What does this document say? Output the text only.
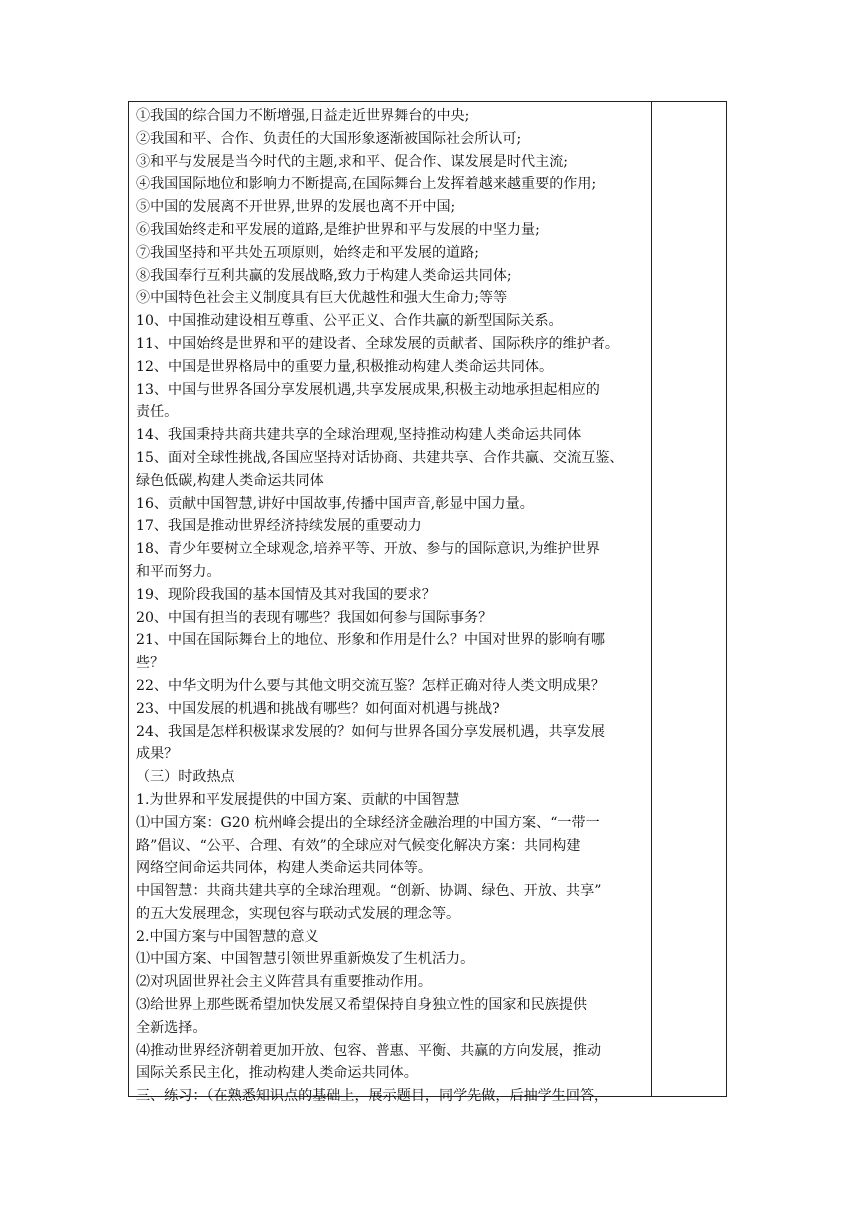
①我国的综合国力不断增强,日益走近世界舞台的中央;
②我国和平、合作、负责任的大国形象逐渐被国际社会所认可;
③和平与发展是当今时代的主题,求和平、促合作、谋发展是时代主流;
④我国国际地位和影响力不断提高,在国际舞台上发挥着越来越重要的作用;
⑤中国的发展离不开世界,世界的发展也离不开中国;
⑥我国始终走和平发展的道路,是维护世界和平与发展的中坚力量;
⑦我国坚持和平共处五项原则，始终走和平发展的道路;
⑧我国奉行互利共赢的发展战略,致力于构建人类命运共同体;
⑨中国特色社会主义制度具有巨大优越性和强大生命力;等等
10、中国推动建设相互尊重、公平正义、合作共赢的新型国际关系。
11、中国始终是世界和平的建设者、全球发展的贡献者、国际秩序的维护者。
12、中国是世界格局中的重要力量,积极推动构建人类命运共同体。
13、中国与世界各国分享发展机遇,共享发展成果,积极主动地承担起相应的
责任。
14、我国秉持共商共建共享的全球治理观,坚持推动构建人类命运共同体
15、面对全球性挑战,各国应坚持对话协商、共建共享、合作共赢、交流互鉴、
绿色低碳,构建人类命运共同体
16、贡献中国智慧,讲好中国故事,传播中国声音,彰显中国力量。
17、我国是推动世界经济持续发展的重要动力
18、青少年要树立全球观念,培养平等、开放、参与的国际意识,为维护世界
和平而努力。
19、现阶段我国的基本国情及其对我国的要求？
20、中国有担当的表现有哪些？我国如何参与国际事务？
21、中国在国际舞台上的地位、形象和作用是什么？中国对世界的影响有哪
些？
22、中华文明为什么要与其他文明交流互鉴？怎样正确对待人类文明成果？
23、中国发展的机遇和挑战有哪些？如何面对机遇与挑战?
24、我国是怎样积极谋求发展的？如何与世界各国分享发展机遇，共享发展
成果？
（三）时政热点
1.为世界和平发展提供的中国方案、贡献的中国智慧
⑴中国方案：G20 杭州峰会提出的全球经济金融治理的中国方案、“一带一
路”倡议、“公平、合理、有效”的全球应对气候变化解决方案：共同构建
网络空间命运共同体，构建人类命运共同体等。
中国智慧：共商共建共享的全球治理观。“创新、协调、绿色、开放、共享”
的五大发展理念，实现包容与联动式发展的理念等。
2.中国方案与中国智慧的意义
⑴中国方案、中国智慧引领世界重新焕发了生机活力。
⑵对巩固世界社会主义阵营具有重要推动作用。
⑶给世界上那些既希望加快发展又希望保持自身独立性的国家和民族提供
全新选择。
⑷推动世界经济朝着更加开放、包容、普惠、平衡、共赢的方向发展，推动
国际关系民主化，推动构建人类命运共同体。
三、练习：（在熟悉知识点的基础上，展示题目，同学先做，后抽学生回答，
